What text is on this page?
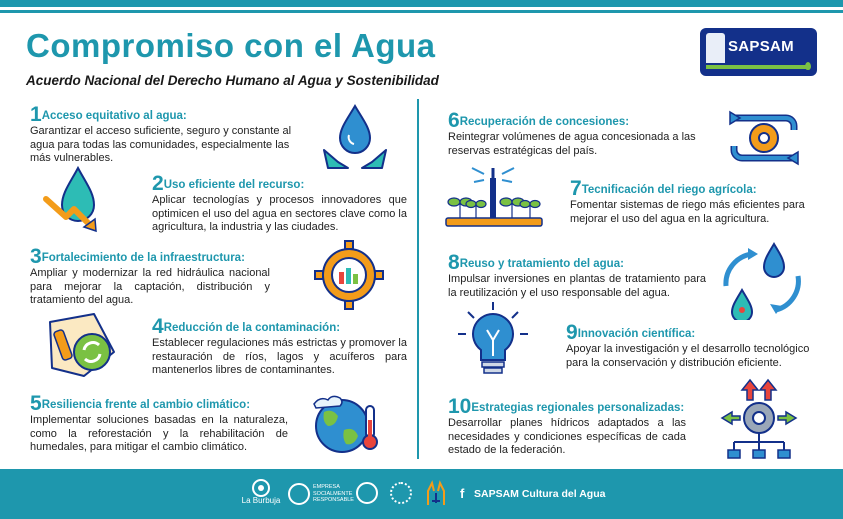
Compromiso con el Agua
Acuerdo Nacional del Derecho Humano al Agua y Sostenibilidad
SAPSAM
1Acceso equitativo al agua:
Garantizar el acceso suficiente, seguro y constante al agua para todas las comunidades, especialmente las más vulnerables.
2Uso eficiente del recurso:
Aplicar tecnologías y procesos innovadores que optimicen el uso del agua en sectores clave como la agricultura, la industria y las ciudades.
3Fortalecimiento de la infraestructura:
Ampliar y modernizar la red hidráulica nacional para mejorar la captación, distribución y tratamiento del agua.
4Reducción de la contaminación:
Establecer regulaciones más estrictas y promover la restauración de ríos, lagos y acuíferos para mantenerlos libres de contaminantes.
5Resiliencia frente al cambio climático:
Implementar soluciones basadas en la naturaleza, como la reforestación y la rehabilitación de humedales, para mitigar el cambio climático.
6Recuperación de concesiones:
Reintegrar volúmenes de agua concesionada a las reservas estratégicas del país.
7Tecnificación del riego agrícola:
Fomentar sistemas de riego más eficientes para mejorar el uso del agua en la agricultura.
8Reuso y tratamiento del agua:
Impulsar inversiones en plantas de tratamiento para la reutilización y el uso responsable del agua.
9Innovación científica:
Apoyar la investigación y el desarrollo tecnológico para la conservación y distribución eficiente.
10Estrategias regionales personalizadas:
Desarrollar planes hídricos adaptados a las necesidades y condiciones específicas de cada estado de la federación.
La Burbuja
EMPRESA SOCIALMENTE RESPONSABLE	f SAPSAM Cultura del Agua
